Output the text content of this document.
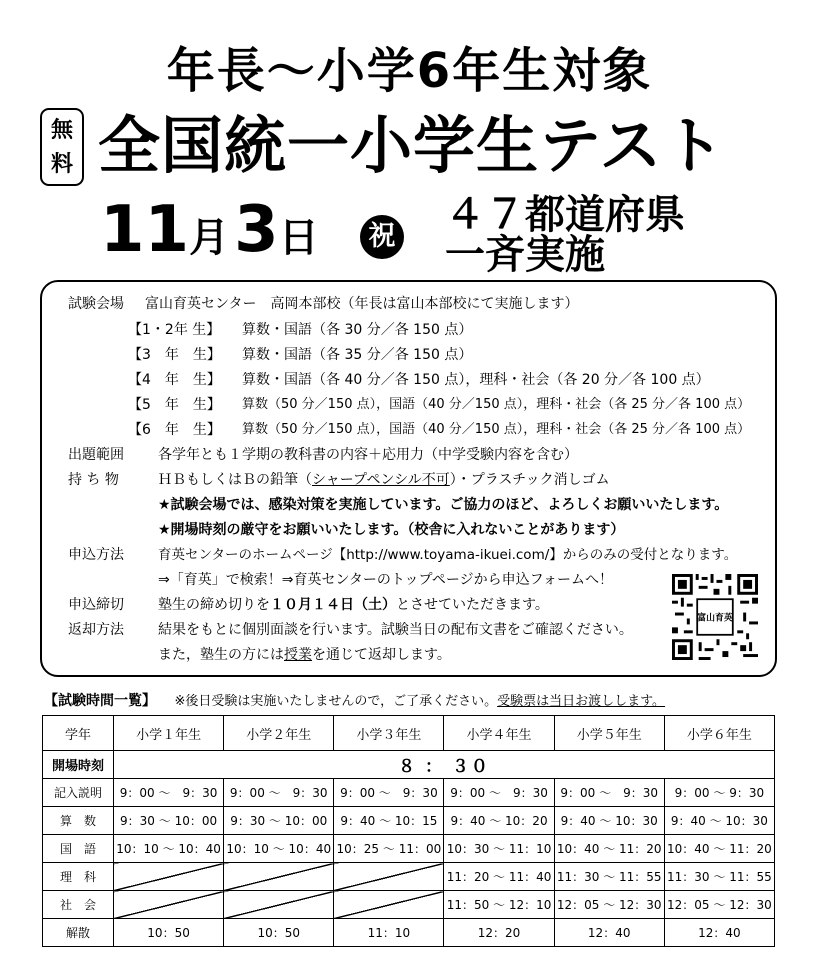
年長～小学6年生対象
無
料 全国統一小学生テスト
11月 3日	祝 ４７都道府県
一斉実施
試験会場 富山育英センター　高岡本部校（年長は富山本部校にて実施します）
【1・2年 生】 算数・国語（各 30 分／各 150 点）
【3　年　生】 算数・国語（各 35 分／各 150 点）
【4　年　生】 算数・国語（各 40 分／各 150 点），理科・社会（各 20 分／各 100 点）
【5　年　生】 算数（50 分／150 点），国語（40 分／150 点），理科・社会（各 25 分／各 100 点）
【6　年　生】 算数（50 分／150 点），国語（40 分／150 点），理科・社会（各 25 分／各 100 点）
出題範囲 各学年とも１学期の教科書の内容＋応用力（中学受験内容を含む）
持 ち 物	ＨＢもしくはＢの鉛筆（シャープペンシル不可）・プラスチック消しゴム
★試験会場では、感染対策を実施しています。ご協力のほど、よろしくお願いいたします。
★開場時刻の厳守をお願いいたします。（校舎に入れないことがあります）
申込方法	育英センターのホームページ【http://www.toyama-ikuei.com/】からのみの受付となります。
⇒「育英」で検索！⇒育英センターのトップページから申込フォームへ！
申込締切 塾生の締め切りを１０月１４日（土）とさせていただきます。
返却方法 結果をもとに個別面談を行います。試験当日の配布文書をご確認ください。
また，塾生の方には授業を通じて返却します。
富山育英
【試験時間一覧】 ※後日受験は実施いたしませんので，ご了承ください。受験票は当日お渡しします。
学年	小学１年生	小学２年生	小学３年生	小学４年生	小学５年生	小学６年生
開場時刻	８ ： ３０					
記入説明	9：00 ～　9：30	9：00 ～　9：30	9：00 ～　9：30	9：00 ～　9：30	9：00 ～　9：30	9：00 ～ 9：30
算　数	9：30 ～ 10：00	9：30 ～ 10：00	9：40 ～ 10：15	9：40 ～ 10：20	9：40 ～ 10：30	9：40 ～ 10：30
国　語	10：10 ～ 10：40	10：10 ～ 10：40	10：25 ～ 11：00	10：30 ～ 11：10	10：40 ～ 11：20	10：40 ～ 11：20
理　科				11：20 ～ 11：40	11：30 ～ 11：55	11：30 ～ 11：55
社　会				11：50 ～ 12：10	12：05 ～ 12：30	12：05 ～ 12：30
解散	10：50	10：50	11：10	12：20	12：40	12：40
